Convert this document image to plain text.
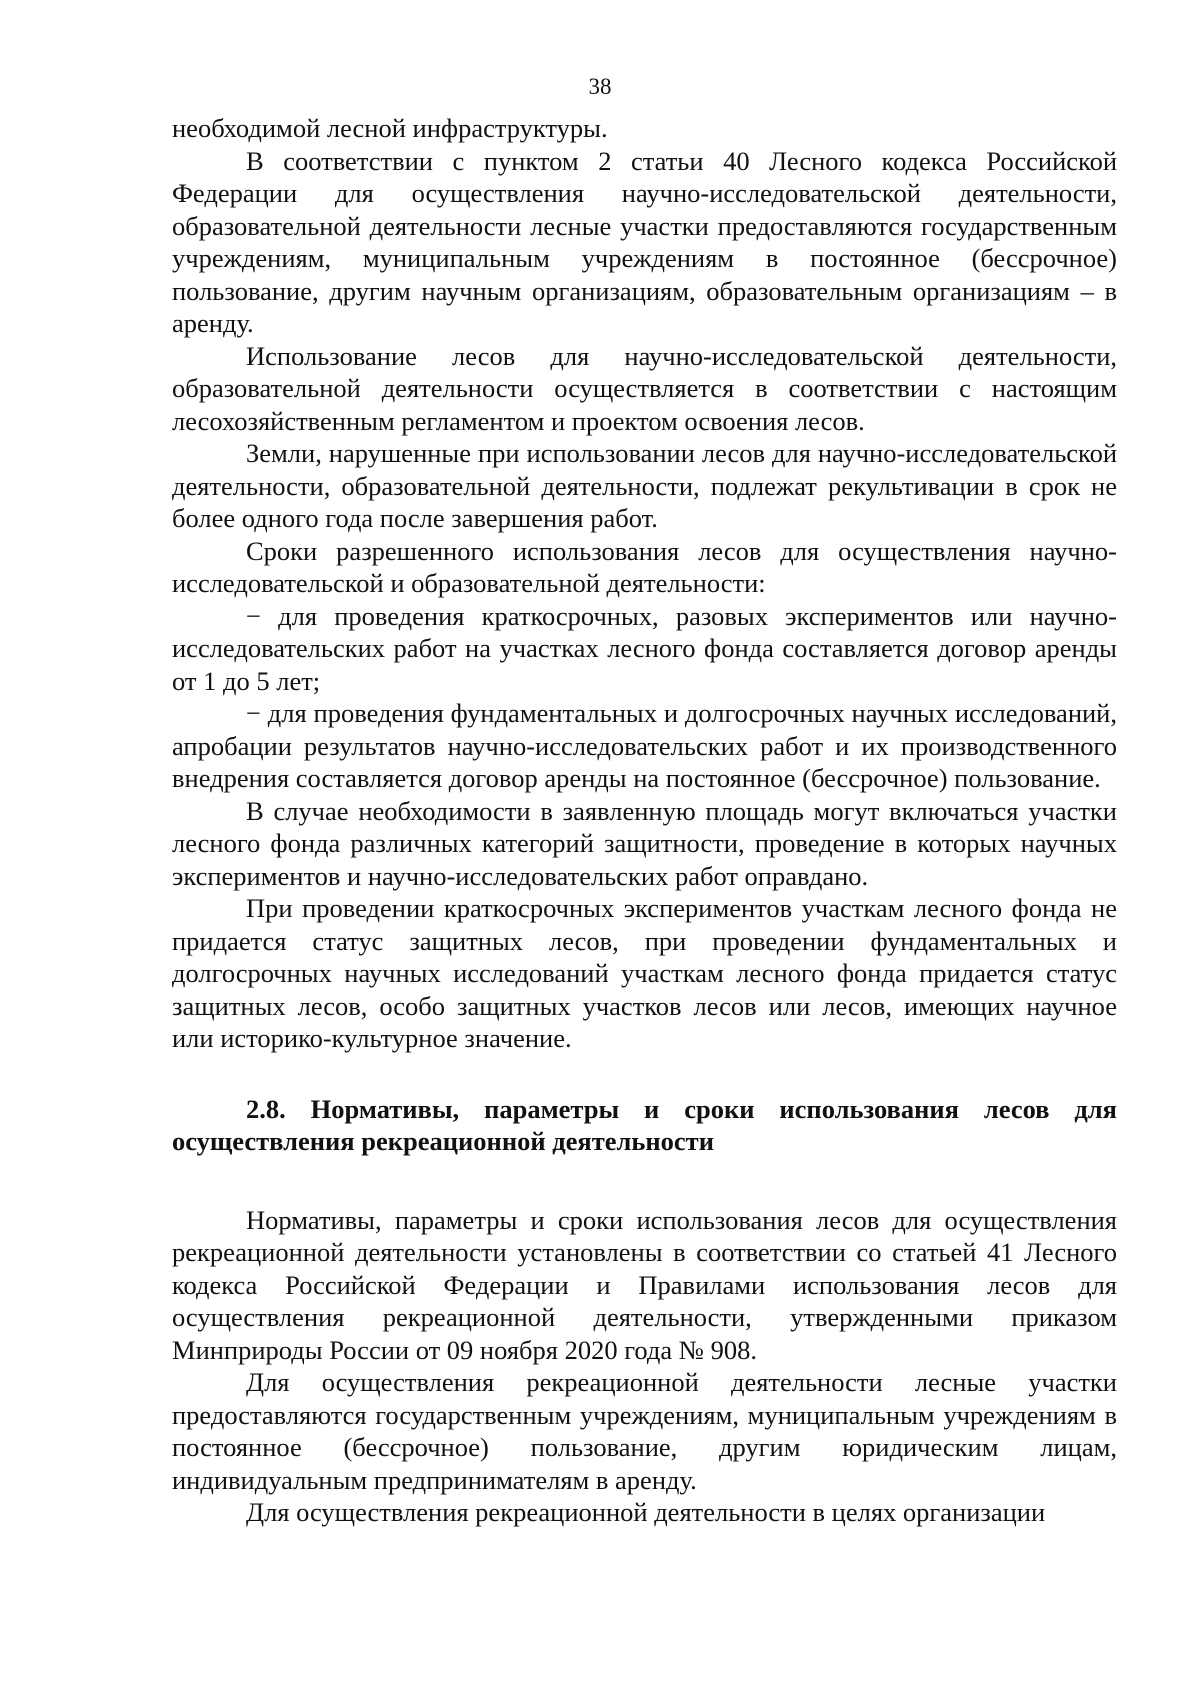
38

необходимой лесной инфраструктуры.

В соответствии с пунктом 2 статьи 40 Лесного кодекса Российской Федерации для осуществления научно-исследовательской деятельности, образовательной деятельности лесные участки предоставляются государственным учреждениям, муниципальным учреждениям в постоянное (бессрочное) пользование, другим научным организациям, образовательным организациям – в аренду.

Использование лесов для научно-исследовательской деятельности, образовательной деятельности осуществляется в соответствии с настоящим лесохозяйственным регламентом и проектом освоения лесов.

Земли, нарушенные при использовании лесов для научно-исследовательской деятельности, образовательной деятельности, подлежат рекультивации в срок не более одного года после завершения работ.

Сроки разрешенного использования лесов для осуществления научно-исследовательской и образовательной деятельности:

− для проведения краткосрочных, разовых экспериментов или научно-исследовательских работ на участках лесного фонда составляется договор аренды от 1 до 5 лет;

− для проведения фундаментальных и долгосрочных научных исследований, апробации результатов научно-исследовательских работ и их производственного внедрения составляется договор аренды на постоянное (бессрочное) пользование.

В случае необходимости в заявленную площадь могут включаться участки лесного фонда различных категорий защитности, проведение в которых научных экспериментов и научно-исследовательских работ оправдано.

При проведении краткосрочных экспериментов участкам лесного фонда не придается статус защитных лесов, при проведении фундаментальных и долгосрочных научных исследований участкам лесного фонда придается статус защитных лесов, особо защитных участков лесов или лесов, имеющих научное или историко-культурное значение.

2.8. Нормативы, параметры и сроки использования лесов для осуществления рекреационной деятельности

Нормативы, параметры и сроки использования лесов для осуществления рекреационной деятельности установлены в соответствии со статьей 41 Лесного кодекса Российской Федерации и Правилами использования лесов для осуществления рекреационной деятельности, утвержденными приказом Минприроды России от 09 ноября 2020 года № 908.

Для осуществления рекреационной деятельности лесные участки предоставляются государственным учреждениям, муниципальным учреждениям в постоянное (бессрочное) пользование, другим юридическим лицам, индивидуальным предпринимателям в аренду.

Для осуществления рекреационной деятельности в целях организации
